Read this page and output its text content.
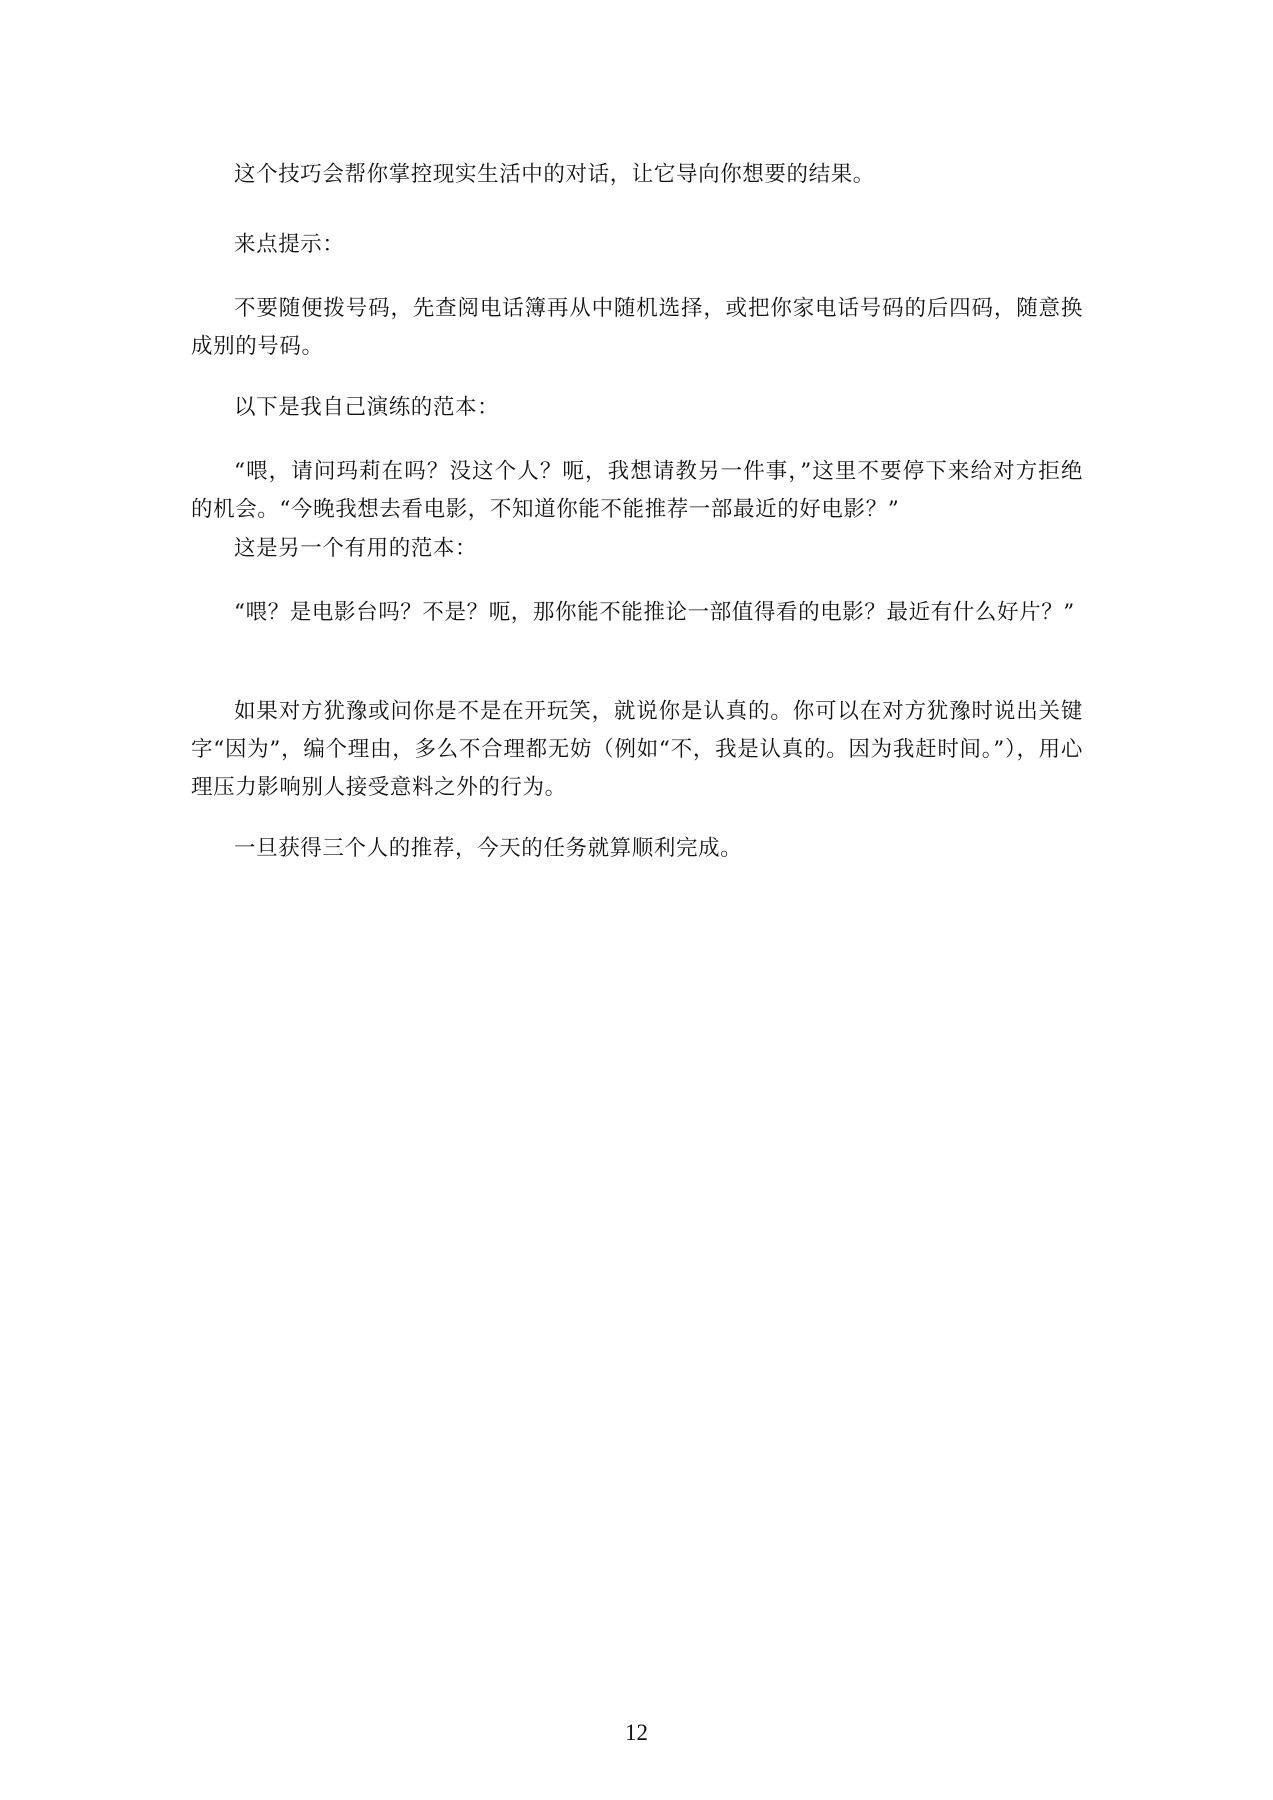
这个技巧会帮你掌控现实生活中的对话，让它导向你想要的结果。

来点提示：

不要随便拨号码，先查阅电话簿再从中随机选择，或把你家电话号码的后四码，随意换成别的号码。

以下是我自己演练的范本：

“喂，请问玛莉在吗？没这个人？呃，我想请教另一件事，”这里不要停下来给对方拒绝的机会。“今晚我想去看电影，不知道你能不能推荐一部最近的好电影？”

这是另一个有用的范本：

“喂？是电影台吗？不是？呃，那你能不能推论一部值得看的电影？最近有什么好片？”

如果对方犹豫或问你是不是在开玩笑，就说你是认真的。你可以在对方犹豫时说出关键字“因为”，编个理由，多么不合理都无妨（例如“不，我是认真的。因为我赶时间。”），用心理压力影响别人接受意料之外的行为。

一旦获得三个人的推荐，今天的任务就算顺利完成。

12
